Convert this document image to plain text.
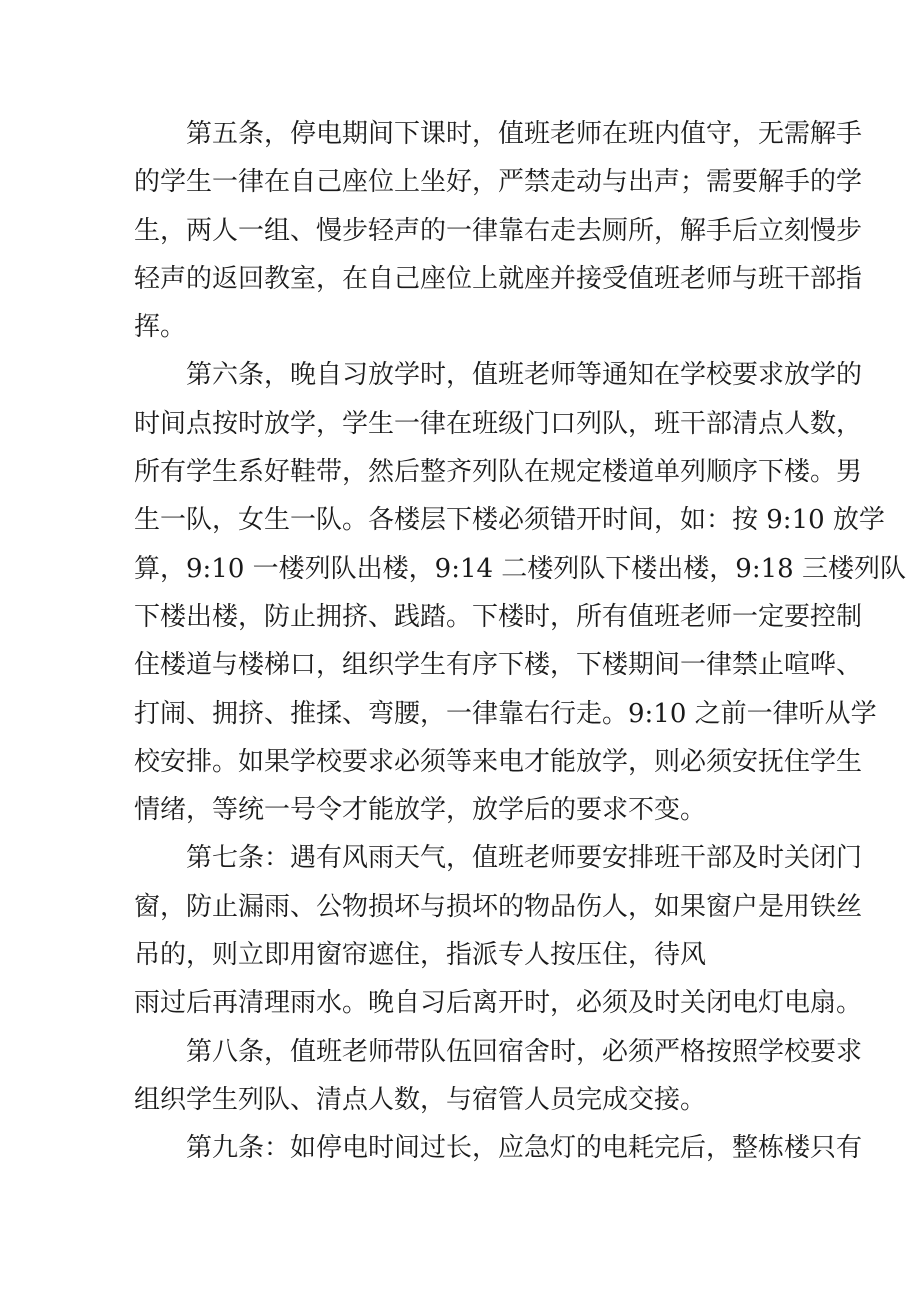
第五条，停电期间下课时，值班老师在班内值守，无需解手
的学生一律在自己座位上坐好，严禁走动与出声；需要解手的学
生，两人一组、慢步轻声的一律靠右走去厕所，解手后立刻慢步
轻声的返回教室，在自己座位上就座并接受值班老师与班干部指
挥。
第六条，晚自习放学时，值班老师等通知在学校要求放学的
时间点按时放学，学生一律在班级门口列队，班干部清点人数，
所有学生系好鞋带，然后整齐列队在规定楼道单列顺序下楼。男
生一队，女生一队。各楼层下楼必须错开时间，如：按 9:10 放学
算，9:10 一楼列队出楼，9:14 二楼列队下楼出楼，9:18 三楼列队
下楼出楼，防止拥挤、践踏。下楼时，所有值班老师一定要控制
住楼道与楼梯口，组织学生有序下楼，下楼期间一律禁止喧哗、
打闹、拥挤、推揉、弯腰，一律靠右行走。9:10 之前一律听从学
校安排。如果学校要求必须等来电才能放学，则必须安抚住学生
情绪，等统一号令才能放学，放学后的要求不变。
第七条：遇有风雨天气，值班老师要安排班干部及时关闭门
窗，防止漏雨、公物损坏与损坏的物品伤人，如果窗户是用铁丝
吊的，则立即用窗帘遮住，指派专人按压住，待风
雨过后再清理雨水。晚自习后离开时，必须及时关闭电灯电扇。
第八条，值班老师带队伍回宿舍时，必须严格按照学校要求
组织学生列队、清点人数，与宿管人员完成交接。
第九条：如停电时间过长，应急灯的电耗完后，整栋楼只有
